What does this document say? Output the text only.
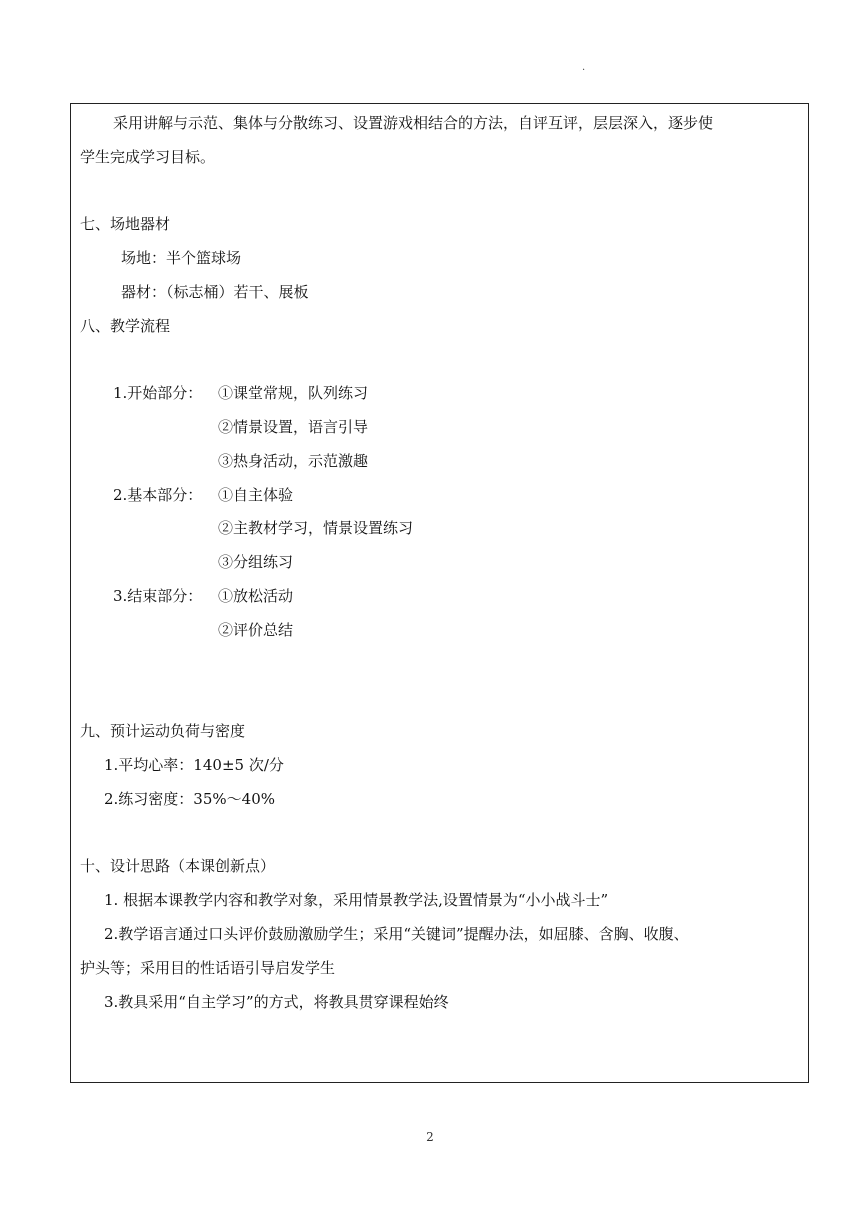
.
采用讲解与示范、集体与分散练习、设置游戏相结合的方法，自评互评，层层深入，逐步使
学生完成学习目标。
七、场地器材
场地：半个篮球场
器材：（标志桶）若干、展板
八、教学流程
1.开始部分： ①课堂常规，队列练习
②情景设置，语言引导
③热身活动，示范激趣
2.基本部分： ①自主体验
②主教材学习，情景设置练习
③分组练习
3.结束部分： ①放松活动
②评价总结
九、预计运动负荷与密度
1.平均心率：140±5 次/分
2.练习密度：35%～40%
十、设计思路（本课创新点）
1. 根据本课教学内容和教学对象，采用情景教学法,设置情景为“小小战斗士”
2.教学语言通过口头评价鼓励激励学生；采用“关键词”提醒办法，如屈膝、含胸、收腹、
护头等；采用目的性话语引导启发学生
3.教具采用“自主学习”的方式，将教具贯穿课程始终
2
